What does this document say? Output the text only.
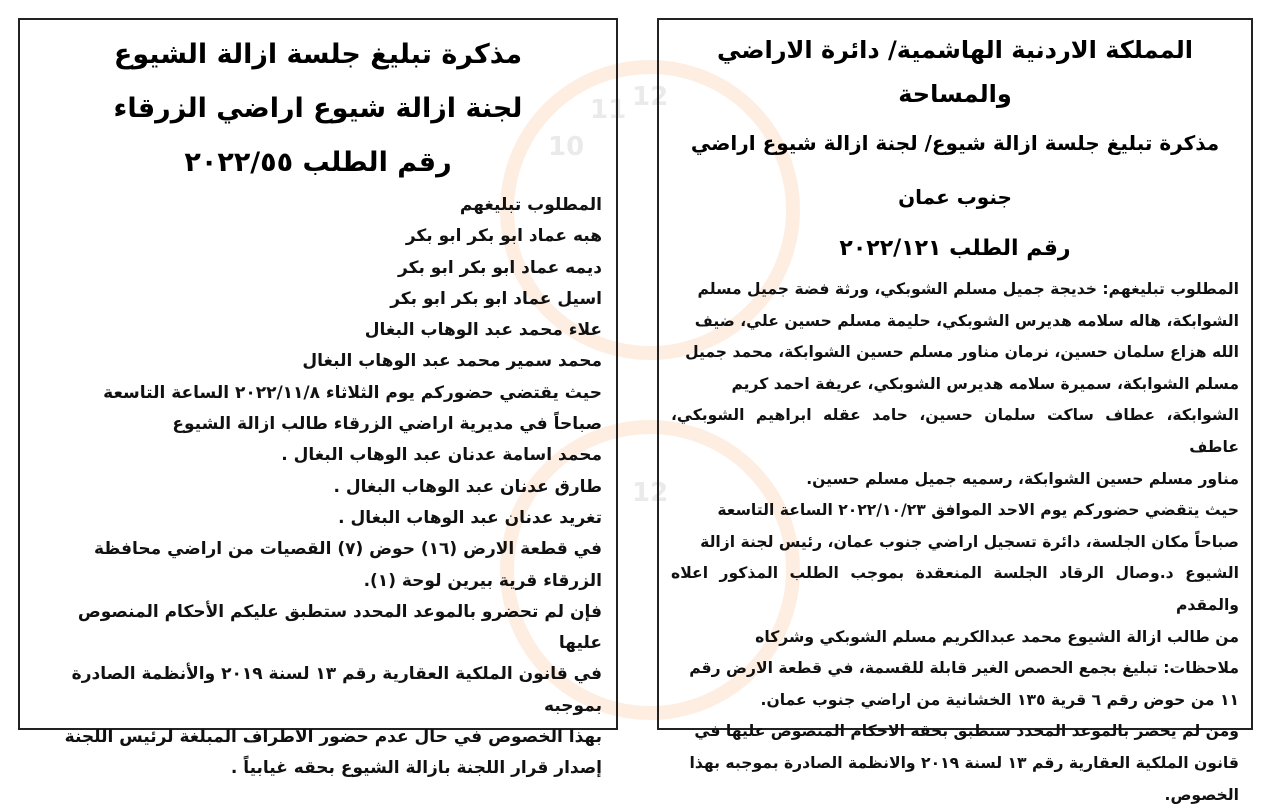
11 12
10
12
مذكرة تبليغ جلسة ازالة الشيوع
لجنة ازالة شيوع اراضي الزرقاء
رقم الطلب ٢٠٢٢/٥٥

المطلوب تبليغهم

هبه عماد ابو بكر ابو بكر

ديمه عماد ابو بكر ابو بكر

اسيل عماد ابو بكر ابو بكر

علاء محمد عبد الوهاب البغال

محمد سمير محمد عبد الوهاب البغال

حيث يقتضي حضوركم يوم الثلاثاء ٢٠٢٢/١١/٨ الساعة التاسعة

صباحاً في مديرية اراضي الزرقاء طالب ازالة الشيوع

محمد اسامة عدنان عبد الوهاب البغال .

طارق عدنان عبد الوهاب البغال .

تغريد عدنان عبد الوهاب البغال .

في قطعة الارض (١٦) حوض (٧) القصيات من اراضي محافظة

الزرقاء قرية بيرين لوحة (١).

فإن لم تحضرو بالموعد المحدد ستطبق عليكم الأحكام المنصوص عليها

في قانون الملكية العقارية رقم ١٣ لسنة ٢٠١٩ والأنظمة الصادرة بموجبه

بهذا الخصوص في حال عدم حضور الاطراف المبلغة لرئيس اللجنة

إصدار قرار اللجنة بازالة الشيوع بحقه غيابياً .

المملكة الاردنية الهاشمية/ دائرة الاراضي والمساحة
مذكرة تبليغ جلسة ازالة شيوع/ لجنة ازالة شيوع اراضي جنوب عمان
رقم الطلب ٢٠٢٢/١٢١

المطلوب تبليغهم: خديجة جميل مسلم الشوبكي، ورثة فضة جميل مسلم

الشوابكة، هاله سلامه هديرس الشوبكي، حليمة مسلم حسين علي، ضيف

الله هزاع سلمان حسين، نرمان مناور مسلم حسين الشوابكة، محمد جميل

مسلم الشوابكة، سميرة سلامه هديرس الشوبكي، عريفة احمد كريم

الشوابكة، عطاف ساكت سلمان حسين، حامد عقله ابراهيم الشوبكي، عاطف

مناور مسلم حسين الشوابكة، رسميه جميل مسلم حسين.

حيث يتقضي حضوركم يوم الاحد الموافق ٢٠٢٢/١٠/٢٣ الساعة التاسعة

صباحاً مكان الجلسة، دائرة تسجيل اراضي جنوب عمان، رئيس لجنة ازالة

الشيوع د.وصال الرقاد الجلسة المنعقدة بموجب الطلب المذكور اعلاه والمقدم

من طالب ازالة الشيوع محمد عبدالكريم مسلم الشوبكي وشركاه

ملاحظات: تبليغ بجمع الحصص الغير قابلة للقسمة، في قطعة الارض رقم

١١ من حوض رقم ٦ قرية ١٣٥ الخشانية من اراضي جنوب عمان.

ومن لم يحضر بالموعد المحدد سنطبق بحقه الاحكام المنصوص عليها في

قانون الملكية العقارية رقم ١٣ لسنة ٢٠١٩ والانظمة الصادرة بموجبه بهذا

الخصوص.
